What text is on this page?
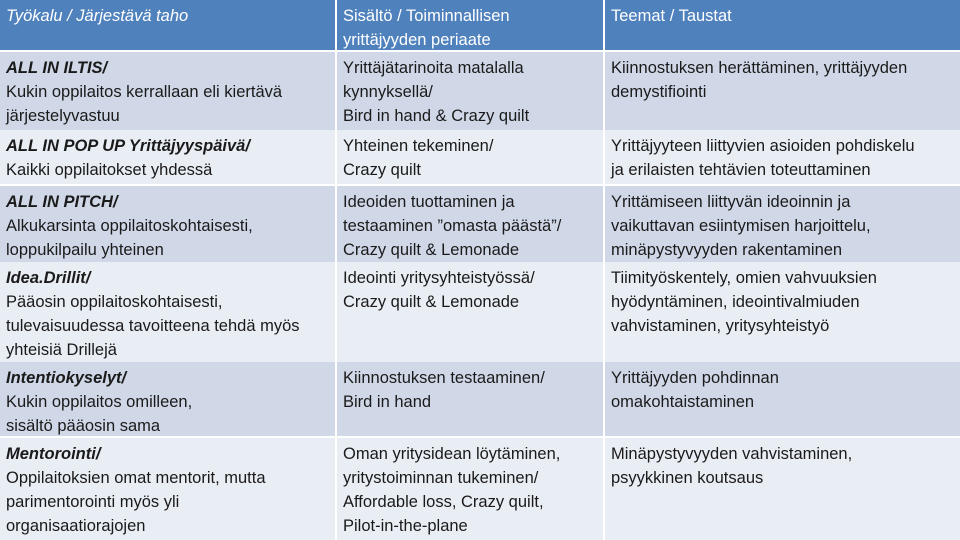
Työkalu / Järjestävä taho	Sisältö / Toiminnallisen
yrittäjyyden periaate
Teemat / Taustat
ALL IN ILTIS/
Kukin oppilaitos kerrallaan eli kiertävä
järjestelyvastuu
Yrittäjätarinoita matalalla
kynnyksellä/
Bird in hand & Crazy quilt
Kiinnostuksen herättäminen, yrittäjyyden
demystifiointi
ALL IN POP UP Yrittäjyyspäivä/
Kaikki oppilaitokset yhdessä
Yhteinen tekeminen/
Crazy quilt
Yrittäjyyteen liittyvien asioiden pohdiskelu
ja erilaisten tehtävien toteuttaminen
ALL IN PITCH/
Alkukarsinta oppilaitoskohtaisesti,
loppukilpailu yhteinen
Ideoiden tuottaminen ja
testaaminen ”omasta päästä”/
Crazy quilt & Lemonade
Yrittämiseen liittyvän ideoinnin ja
vaikuttavan esiintymisen harjoittelu,
minäpystyvyyden rakentaminen
Idea.Drillit/
Pääosin oppilaitoskohtaisesti,
tulevaisuudessa tavoitteena tehdä myös
yhteisiä Drillejä
Ideointi yritysyhteistyössä/
Crazy quilt & Lemonade
Tiimityöskentely, omien vahvuuksien
hyödyntäminen, ideointivalmiuden
vahvistaminen, yritysyhteistyö
Intentiokyselyt/
Kukin oppilaitos omilleen,
sisältö pääosin sama
Kiinnostuksen testaaminen/
Bird in hand
Yrittäjyyden pohdinnan
omakohtaistaminen
Mentorointi/
Oppilaitoksien omat mentorit, mutta
parimentorointi myös yli
organisaatiorajojen
Oman yritysidean löytäminen,
yritystoiminnan tukeminen/
Affordable loss, Crazy quilt,
Pilot-in-the-plane
Minäpystyvyyden vahvistaminen,
psyykkinen koutsaus
